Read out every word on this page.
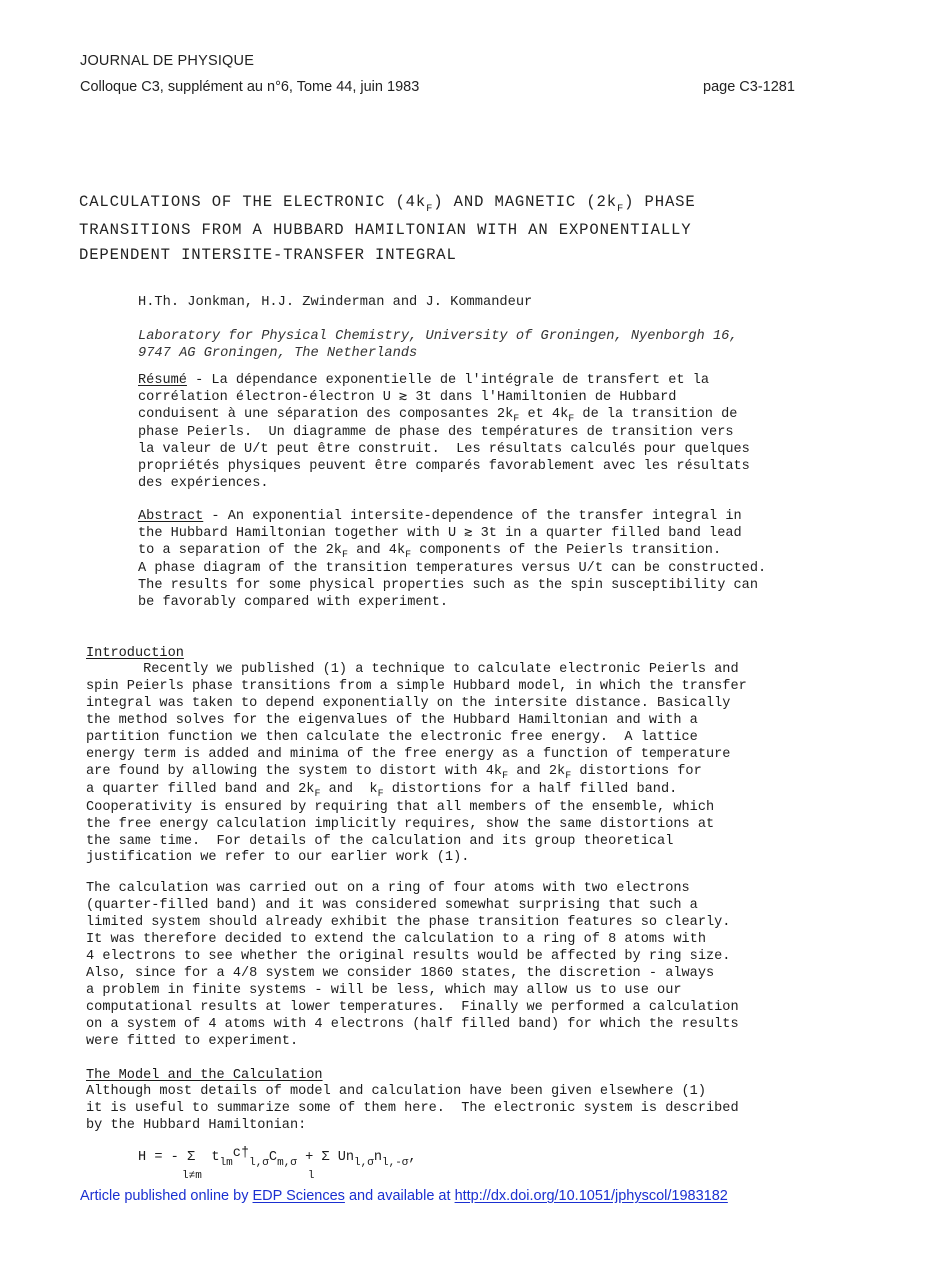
JOURNAL DE PHYSIQUE
Colloque C3, supplément au n°6, Tome 44, juin 1983	page C3-1281
CALCULATIONS OF THE ELECTRONIC $(4k_F)$ AND MAGNETIC $(2k_F)$ PHASE
TRANSITIONS FROM A HUBBARD HAMILTONIAN WITH AN EXPONENTIALLY
DEPENDENT INTERSITE-TRANSFER INTEGRAL
H.Th. Jonkman, H.J. Zwinderman and J. Kommandeur
Laboratory for Physical Chemistry, University of Groningen, Nyenborgh 16,
9747 AG Groningen, The Netherlands
Résumé - La dépendance exponentielle de l'intégrale de transfert et la
corrélation électron-électron U ≳ 3t dans l'Hamiltonien de Hubbard
conduisent à une séparation des composantes $2k_F$ et $4k_F$ de la transition de
phase Peierls.  Un diagramme de phase des températures de transition vers
la valeur de U/t peut être construit.  Les résultats calculés pour quelques
propriétés physiques peuvent être comparés favorablement avec les résultats
des expériences.
Abstract - An exponential intersite-dependence of the transfer integral in
the Hubbard Hamiltonian together with U ≳ 3t in a quarter filled band lead
to a separation of the $2k_F$ and $4k_F$ components of the Peierls transition.
A phase diagram of the transition temperatures versus U/t can be constructed.
The results for some physical properties such as the spin susceptibility can
be favorably compared with experiment.
Introduction
Recently we published (1) a technique to calculate electronic Peierls and
spin Peierls phase transitions from a simple Hubbard model, in which the transfer
integral was taken to depend exponentially on the intersite distance. Basically
the method solves for the eigenvalues of the Hubbard Hamiltonian and with a
partition function we then calculate the electronic free energy.  A lattice
energy term is added and minima of the free energy as a function of temperature
are found by allowing the system to distort with $4k_F$ and $2k_F$ distortions for
a quarter filled band and $2k_F$ and  $k_F$ distortions for a half filled band.
Cooperativity is ensured by requiring that all members of the ensemble, which
the free energy calculation implicitly requires, show the same distortions at
the same time.  For details of the calculation and its group theoretical
justification we refer to our earlier work (1).
The calculation was carried out on a ring of four atoms with two electrons
(quarter-filled band) and it was considered somewhat surprising that such a
limited system should already exhibit the phase transition features so clearly.
It was therefore decided to extend the calculation to a ring of 8 atoms with
4 electrons to see whether the original results would be affected by ring size.
Also, since for a 4/8 system we consider 1860 states, the discretion - always
a problem in finite systems - will be less, which may allow us to use our
computational results at lower temperatures.  Finally we performed a calculation
on a system of 4 atoms with 4 electrons (half filled band) for which the results
were fitted to experiment.
The Model and the Calculation
Although most details of model and calculation have been given elsewhere (1)
it is useful to summarize some of them here.  The electronic system is described
by the Hubbard Hamiltonian:
H = - Σ  $t_{lm}c\dagger_{l,\sigma}C_{m,\sigma} + \Sigma$ $Un_{l,\sigma}n_{l,-\sigma}$,
l≠m	l
Article published online by EDP Sciences and available at http://dx.doi.org/10.1051/jphyscol/1983182
